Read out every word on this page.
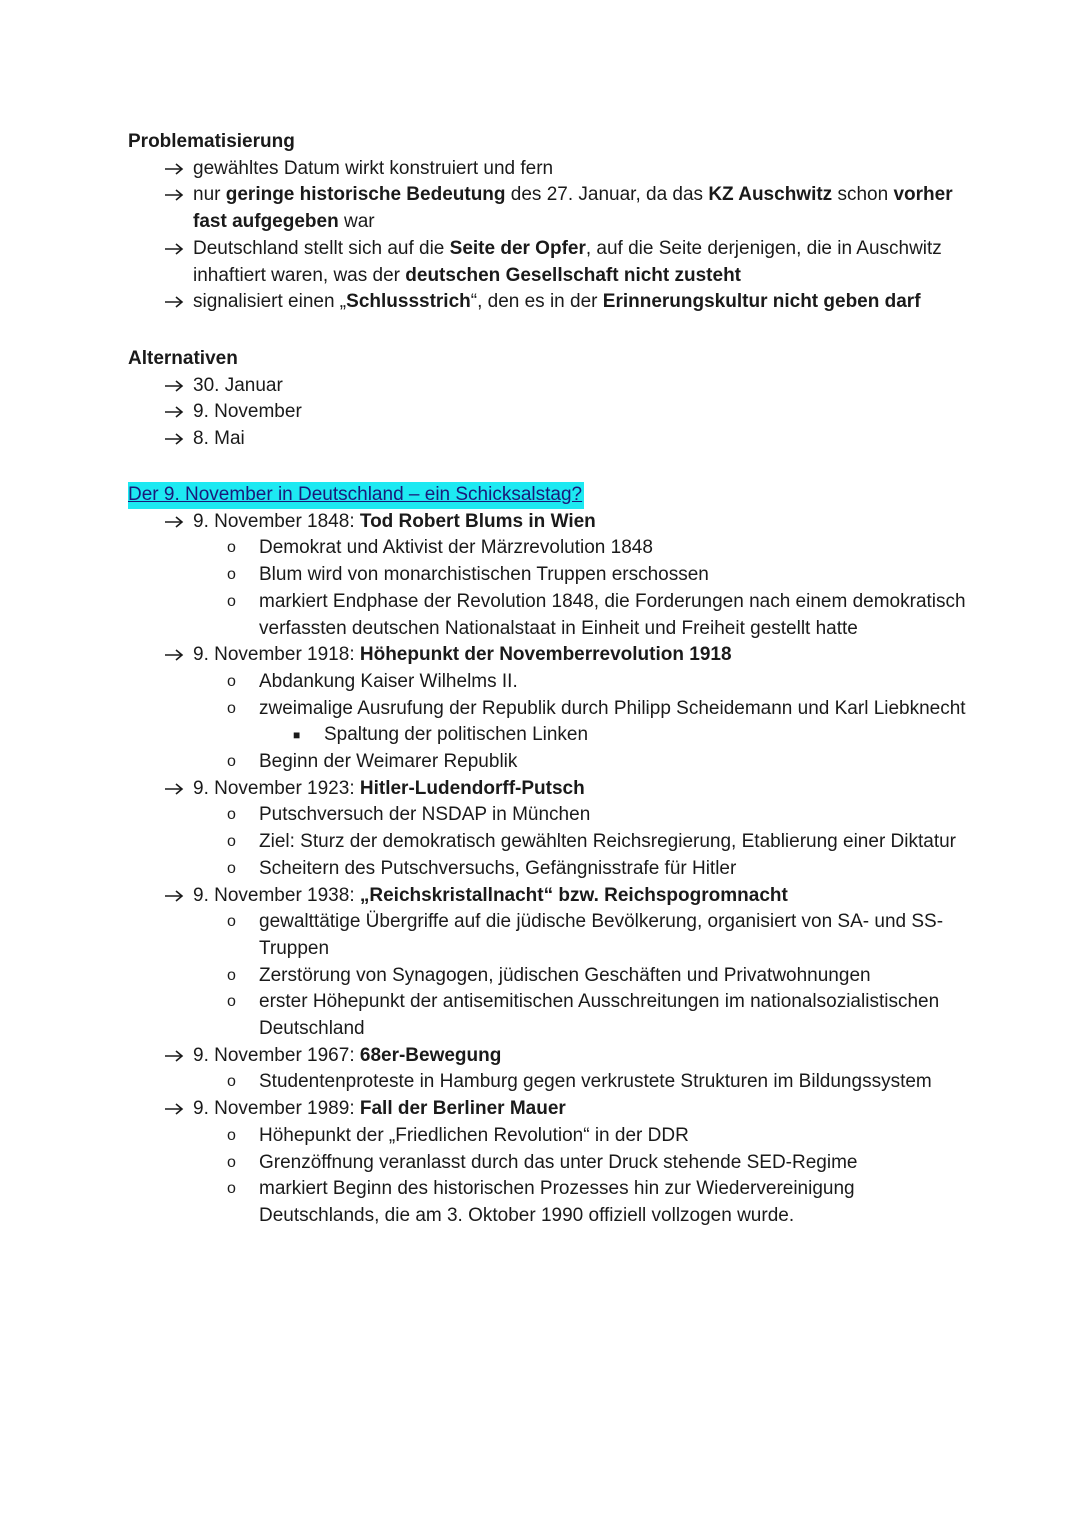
Problematisierung

gewähltes Datum wirkt konstruiert und fern
nur geringe historische Bedeutung des 27. Januar, da das KZ Auschwitz schon vorher fast aufgegeben war
Deutschland stellt sich auf die Seite der Opfer, auf die Seite derjenigen, die in Auschwitz inhaftiert waren, was der deutschen Gesellschaft nicht zusteht
signalisiert einen „Schlussstrich“, den es in der Erinnerungskultur nicht geben darf

Alternativen

30. Januar
9. November
8. Mai

Der 9. November in Deutschland – ein Schicksalstag?

9. November 1848: Tod Robert Blums in Wien
o Demokrat und Aktivist der Märzrevolution 1848
o Blum wird von monarchistischen Truppen erschossen
o markiert Endphase der Revolution 1848, die Forderungen nach einem demokratisch verfassten deutschen Nationalstaat in Einheit und Freiheit gestellt hatte
9. November 1918: Höhepunkt der Novemberrevolution 1918
o Abdankung Kaiser Wilhelms II.
o zweimalige Ausrufung der Republik durch Philipp Scheidemann und Karl Liebknecht
■ Spaltung der politischen Linken
o Beginn der Weimarer Republik
9. November 1923: Hitler-Ludendorff-Putsch
o Putschversuch der NSDAP in München
o Ziel: Sturz der demokratisch gewählten Reichsregierung, Etablierung einer Diktatur
o Scheitern des Putschversuchs, Gefängnisstrafe für Hitler
9. November 1938: „Reichskristallnacht“ bzw. Reichspogromnacht
o gewalttätige Übergriffe auf die jüdische Bevölkerung, organisiert von SA- und SS-Truppen
o Zerstörung von Synagogen, jüdischen Geschäften und Privatwohnungen
o erster Höhepunkt der antisemitischen Ausschreitungen im nationalsozialistischen Deutschland
9. November 1967: 68er-Bewegung
o Studentenproteste in Hamburg gegen verkrustete Strukturen im Bildungssystem
9. November 1989: Fall der Berliner Mauer
o Höhepunkt der „Friedlichen Revolution“ in der DDR
o Grenzöffnung veranlasst durch das unter Druck stehende SED-Regime
o markiert Beginn des historischen Prozesses hin zur Wiedervereinigung Deutschlands, die am 3. Oktober 1990 offiziell vollzogen wurde.
